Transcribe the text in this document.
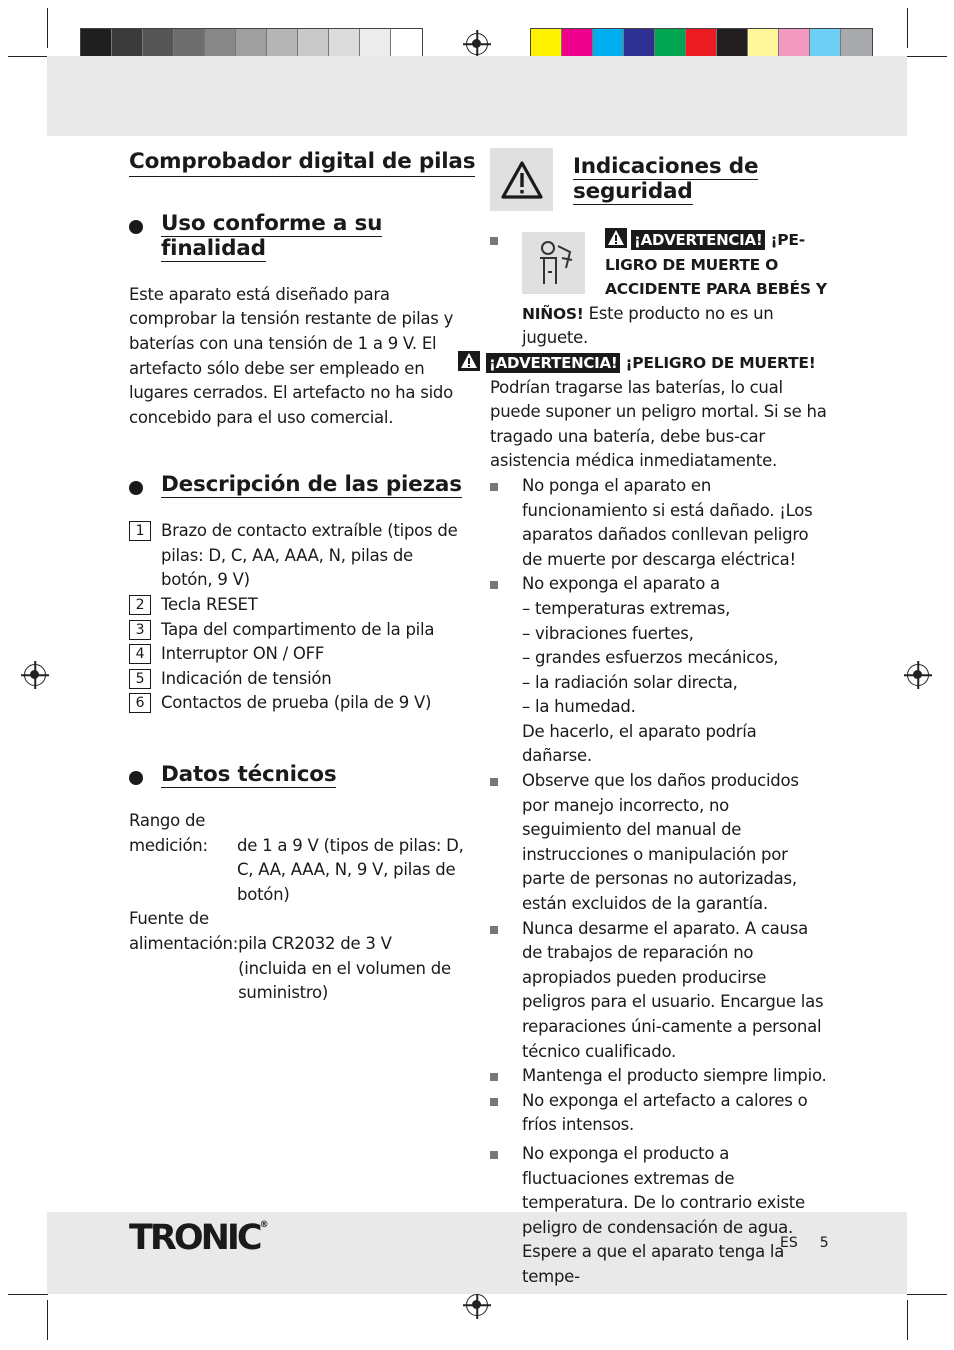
Comprobador digital de pilas
Uso conforme a su
finalidad

Este aparato está diseñado para comprobar la tensión restante de pilas y baterías con una tensión de 1 a 9 V. El artefacto sólo debe ser empleado en lugares cerrados. El artefacto no ha sido concebido para el uso comercial.

Descripción de las piezas
1	Brazo de contacto extraíble (tipos de pilas: D, C, AA, AAA, N, pilas de botón, 9 V)
2	Tecla RESET
3	Tapa del compartimento de la pila
4	Interruptor ON / OFF
5	Indicación de tensión
6	Contactos de prueba (pila de 9 V)
Datos técnicos
Rango de
medición:	de 1 a 9 V (tipos de pilas: D, C, AA, AAA, N, 9 V, pilas de botón)
Fuente de
alimentación: pila CR2032 de 3 V (incluida en el volumen de suministro)
Indicaciones de
seguridad
¡ADVERTENCIA! ¡PE-LIGRO DE MUERTE O ACCIDENTE PARA BEBÉS Y NIÑOS! Este producto no es un juguete.
¡ADVERTENCIA! ¡PELIGRO DE MUERTE! Podrían tragarse las baterías, lo cual puede suponer un peligro mortal. Si se ha tragado una batería, debe bus-car asistencia médica inmediatamente.
No ponga el aparato en funcionamiento si está dañado. ¡Los aparatos dañados conllevan peligro de muerte por descarga eléctrica!
No exponga el aparato a
– temperaturas extremas,
– vibraciones fuertes,
– grandes esfuerzos mecánicos,
– la radiación solar directa,
– la humedad.
De hacerlo, el aparato podría dañarse.
Observe que los daños producidos por manejo incorrecto, no seguimiento del manual de instrucciones o manipulación por parte de personas no autorizadas, están excluidos de la garantía.
Nunca desarme el aparato. A causa de trabajos de reparación no apropiados pueden producirse peligros para el usuario. Encargue las reparaciones úni-camente a personal técnico cualificado.
Mantenga el producto siempre limpio.
No exponga el artefacto a calores o fríos intensos.
No exponga el producto a fluctuaciones extremas de temperatura. De lo contrario existe peligro de condensación de agua. Espere a que el aparato tenga la tempe-
TRONIC®
ES 5
